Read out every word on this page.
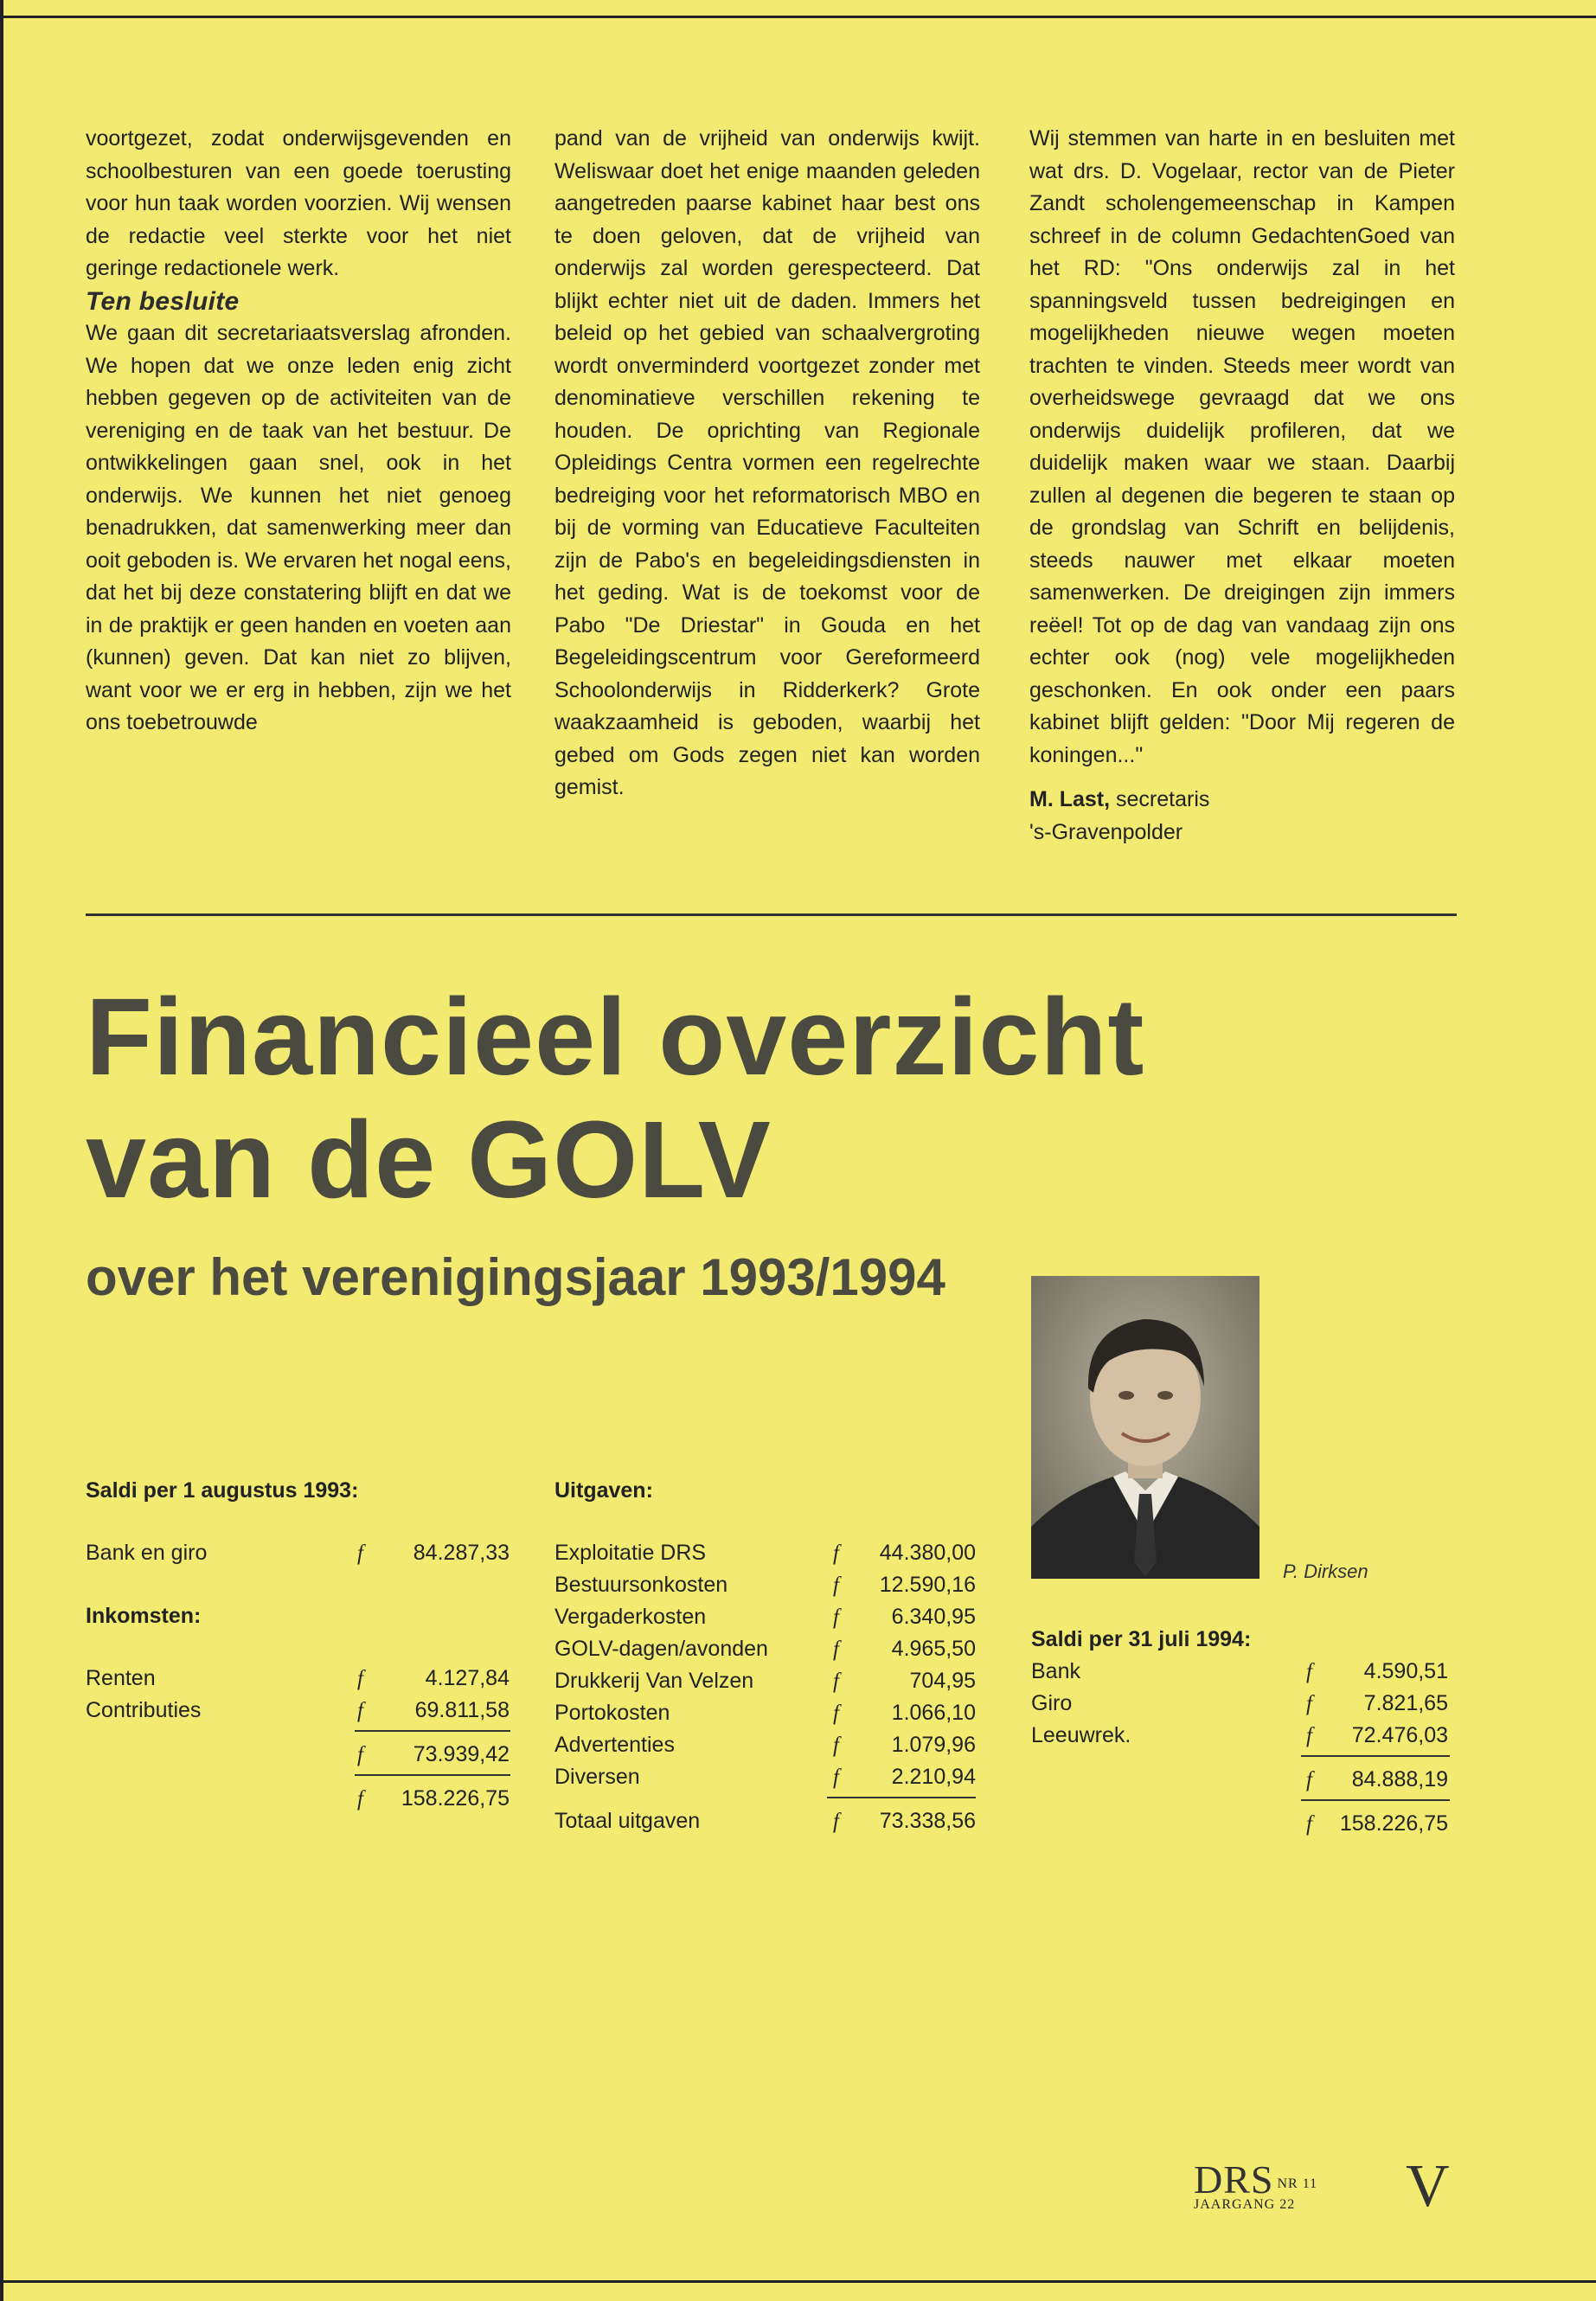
voortgezet, zodat onderwijsgevenden en schoolbesturen van een goede toerusting voor hun taak worden voorzien. Wij wensen de redactie veel sterkte voor het niet geringe redactionele werk.

Ten besluite

We gaan dit secretariaatsverslag afronden. We hopen dat we onze leden enig zicht hebben gegeven op de activiteiten van de vereniging en de taak van het bestuur. De ontwikkelingen gaan snel, ook in het onderwijs. We kunnen het niet genoeg benadrukken, dat samenwerking meer dan ooit geboden is. We ervaren het nogal eens, dat het bij deze constatering blijft en dat we in de praktijk er geen handen en voeten aan (kunnen) geven. Dat kan niet zo blijven, want voor we er erg in hebben, zijn we het ons toebetrouwde

pand van de vrijheid van onderwijs kwijt. Weliswaar doet het enige maanden geleden aangetreden paarse kabinet haar best ons te doen geloven, dat de vrijheid van onderwijs zal worden gerespecteerd. Dat blijkt echter niet uit de daden. Immers het beleid op het gebied van schaalvergroting wordt onverminderd voortgezet zonder met denominatieve verschillen rekening te houden. De oprichting van Regionale Opleidings Centra vormen een regelrechte bedreiging voor het reformatorisch MBO en bij de vorming van Educatieve Faculteiten zijn de Pabo's en begeleidingsdiensten in het geding. Wat is de toekomst voor de Pabo "De Driestar" in Gouda en het Begeleidingscentrum voor Gereformeerd Schoolonderwijs in Ridderkerk? Grote waakzaamheid is geboden, waarbij het gebed om Gods zegen niet kan worden gemist.

Wij stemmen van harte in en besluiten met wat drs. D. Vogelaar, rector van de Pieter Zandt scholengemeenschap in Kampen schreef in de column GedachtenGoed van het RD: "Ons onderwijs zal in het spanningsveld tussen bedreigingen en mogelijkheden nieuwe wegen moeten trachten te vinden. Steeds meer wordt van overheidswege gevraagd dat we ons onderwijs duidelijk profileren, dat we duidelijk maken waar we staan. Daarbij zullen al degenen die begeren te staan op de grondslag van Schrift en belijdenis, steeds nauwer met elkaar moeten samenwerken. De dreigingen zijn immers reëel! Tot op de dag van vandaag zijn ons echter ook (nog) vele mogelijkheden geschonken. En ook onder een paars kabinet blijft gelden: "Door Mij regeren de koningen..."

M. Last, secretaris
's-Gravenpolder

Financieel overzicht
van de GOLV
over het verenigingsjaar 1993/1994
P. Dirksen

Saldi per 1 augustus 1993:

Bank en giro	f	84.287,33

Inkomsten:

Renten	f	4.127,84
Contributies	f	69.811,58
f	73.939,42
f	158.226,75

Uitgaven:

Exploitatie DRS	f	44.380,00
Bestuursonkosten	f	12.590,16
Vergaderkosten	f	6.340,95
GOLV-dagen/avonden	f	4.965,50
Drukkerij Van Velzen	f	704,95
Portokosten	f	1.066,10
Advertenties	f	1.079,96
Diversen	f	2.210,94
Totaal uitgaven	f	73.338,56

Saldi per 31 juli 1994:

Bank	f	4.590,51
Giro	f	7.821,65
Leeuwrek.	f	72.476,03
f	84.888,19
f	158.226,75
DRS NR 11
JAARGANG 22	V
